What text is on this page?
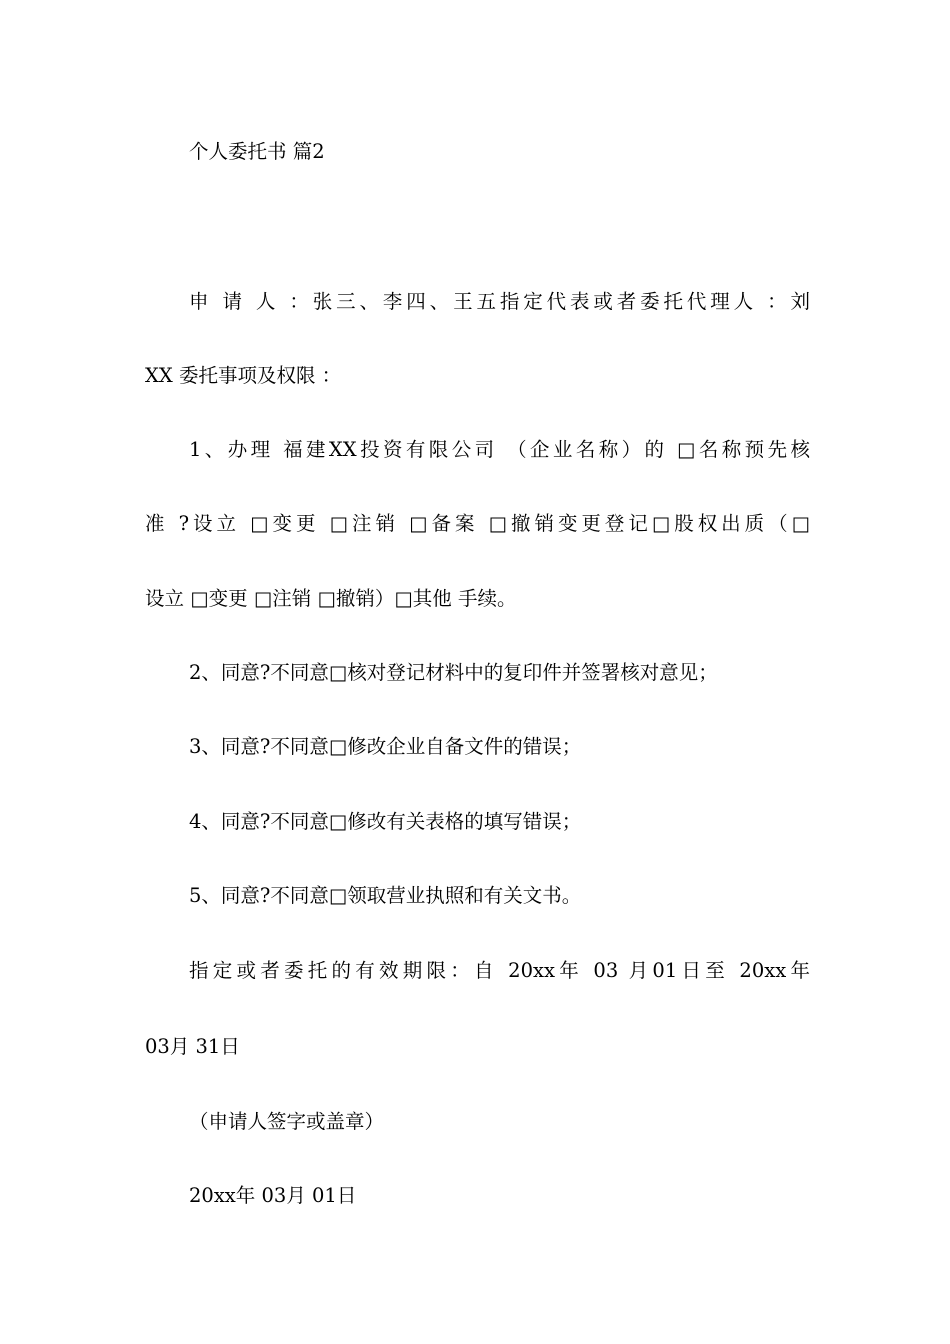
个人委托书 篇2
申 请 人 ：张三、李四、王五指定代表或者委托代理人 ：刘
XX 委托事项及权限 ：
1、办理 福建XX投资有限公司 （企业名称）的 □名称预先核
准 ?设立 □变更 □注销 □备案 □撤销变更登记□股权出质（□
设立 □变更 □注销 □撤销）□其他 手续。
2、同意?不同意□核对登记材料中的复印件并签署核对意见；
3、同意?不同意□修改企业自备文件的错误；
4、同意?不同意□修改有关表格的填写错误；
5、同意?不同意□领取营业执照和有关文书。
指定或者委托的有效期限：自 20xx年 03 月01日至 20xx年
03月 31日
（申请人签字或盖章）
20xx年 03月 01日
